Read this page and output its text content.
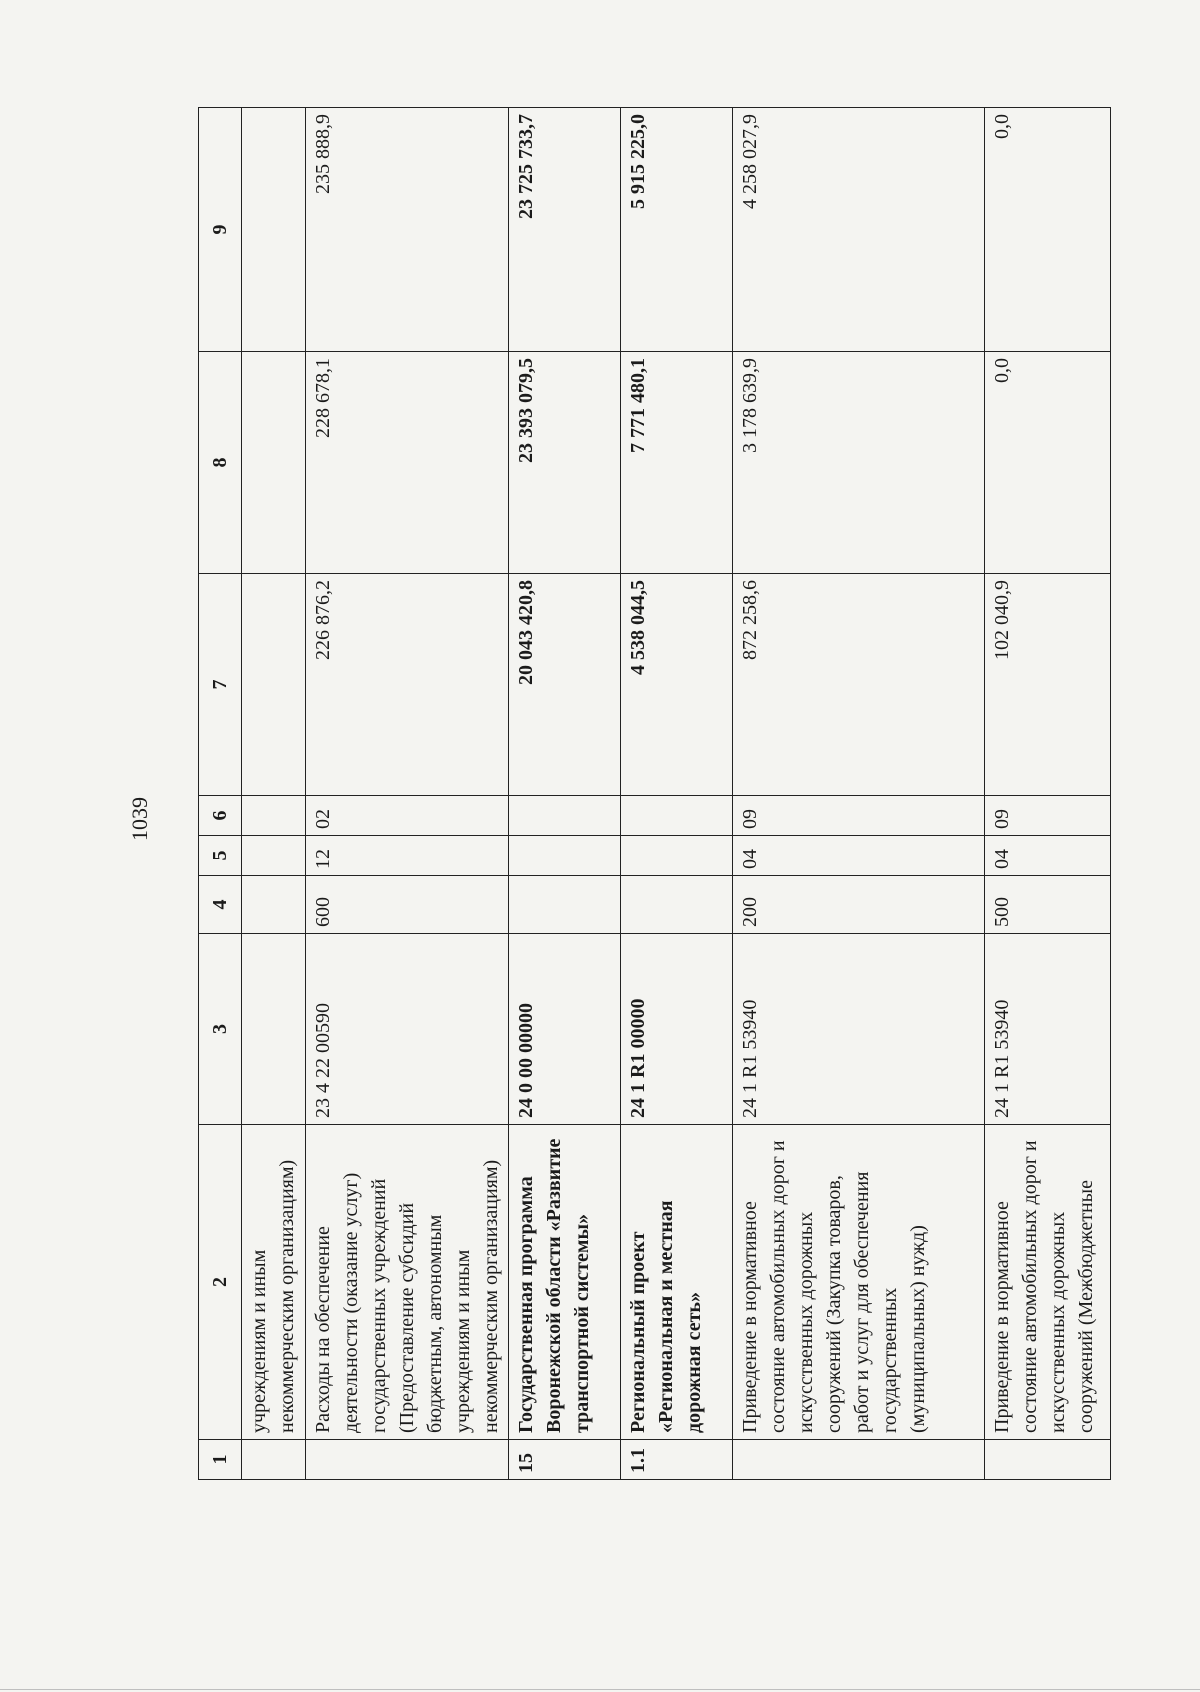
1039
1	2	3	4	5	6	7	8	9
	учреждениям и иным некоммерческим организациям)							
	Расходы на обеспечение деятельности (оказание услуг) государственных учреждений (Предоставление субсидий бюджетным, автономным учреждениям и иным некоммерческим организациям)	23 4 22 00590	600	12	02	226 876,2	228 678,1	235 888,9
15	Государственная программа Воронежской области «Развитие транспортной системы»	24 0 00 00000				20 043 420,8	23 393 079,5	23 725 733,7
1.1	Региональный проект «Региональная и местная дорожная сеть»	24 1 R1 00000				4 538 044,5	7 771 480,1	5 915 225,0
	Приведение в нормативное состояние автомобильных дорог и искусственных дорожных сооружений (Закупка товаров, работ и услуг для обеспечения государственных (муниципальных) нужд)	24 1 R1 53940	200	04	09	872 258,6	3 178 639,9	4 258 027,9
	Приведение в нормативное состояние автомобильных дорог и искусственных дорожных сооружений (Межбюджетные	24 1 R1 53940	500	04	09	102 040,9	0,0	0,0
